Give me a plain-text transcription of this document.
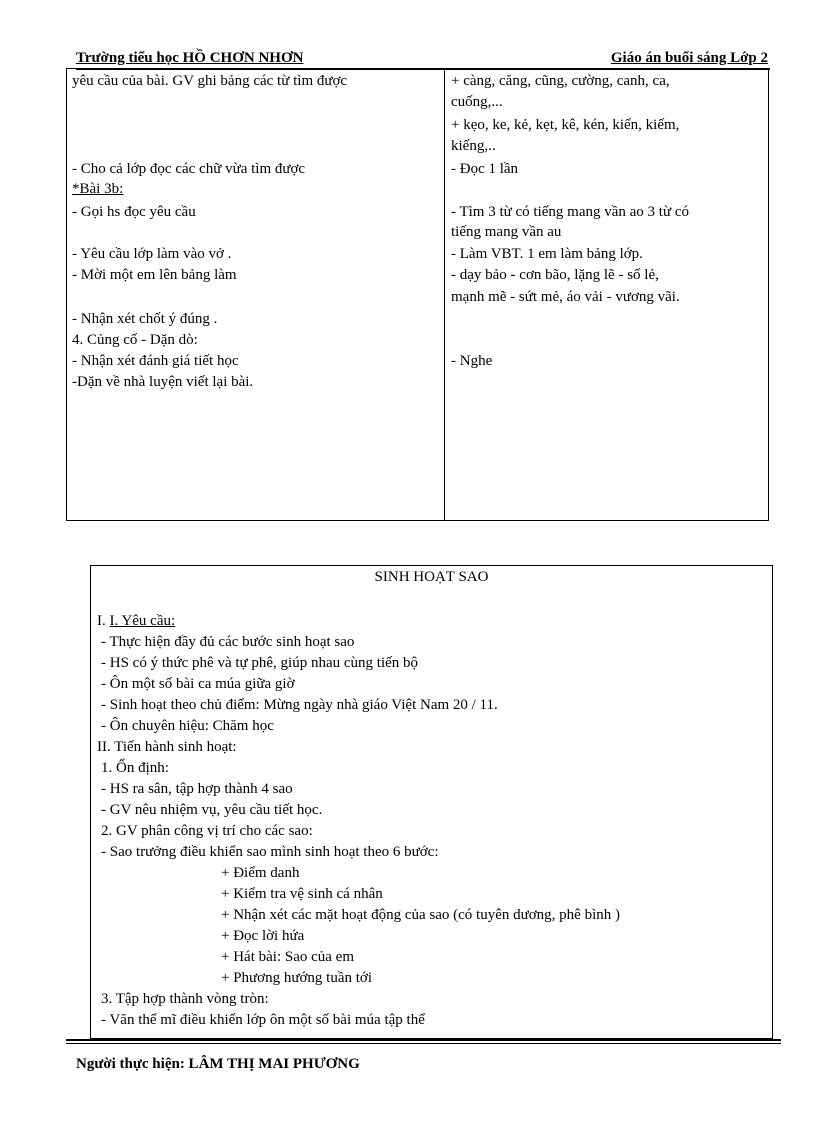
Trường tiểu học HỒ CHƠN NHƠN	Giáo án buổi sáng Lớp 2
yêu cầu của bài. GV ghi bảng các từ tìm được
- Cho cả lớp đọc các chữ vừa tìm được
*Bài 3b:
- Gọi hs đọc yêu cầu
- Yêu cầu lớp làm vào vở .
- Mời một em lên bảng làm
- Nhận xét chốt ý đúng .
4. Củng cố - Dặn dò:
- Nhận xét đánh giá tiết học
-Dặn về nhà luyện viết lại bài.
+ càng, căng, cũng, cường, canh, ca,
cuống,...
+ kẹo, ke, kẻ, kẹt, kê, kén, kiến, kiếm,
kiếng,..
- Đọc 1 lần
- Tìm 3 từ có tiếng mang vần ao 3 từ có
tiếng mang vần au
- Làm VBT. 1 em làm bảng lớp.
- dạy bảo - cơn bão, lặng lẽ - số lẻ,
mạnh mẽ - sứt mẻ, áo vải - vương vãi.
- Nghe
SINH HOẠT SAO
I. I. Yêu cầu:
- Thực hiện đầy đủ các bước sinh hoạt sao
- HS có ý thức phê và tự phê, giúp nhau cùng tiến bộ
- Ôn một số bài ca múa giữa giờ
- Sinh hoạt theo chủ điểm: Mừng ngày nhà giáo Việt Nam 20 / 11.
- Ôn chuyên hiệu: Chăm học
II. Tiến hành sinh hoạt:
1. Ổn định:
- HS ra sân, tập hợp thành 4 sao
- GV nêu nhiệm vụ, yêu cầu tiết học.
2. GV phân công vị trí cho các sao:
- Sao trưởng điều khiển sao mình sinh hoạt theo 6 bước:
+ Điểm danh
+ Kiểm tra vệ sinh cá nhân
+ Nhận xét các mặt hoạt động của sao (có tuyên dương, phê bình )
+ Đọc lời hứa
+ Hát bài: Sao của em
+ Phương hướng tuần tới
3. Tập hợp thành vòng tròn:
- Văn thể mĩ điều khiển lớp ôn một số bài múa tập thể
Người thực hiện: LÂM THỊ MAI PHƯƠNG
